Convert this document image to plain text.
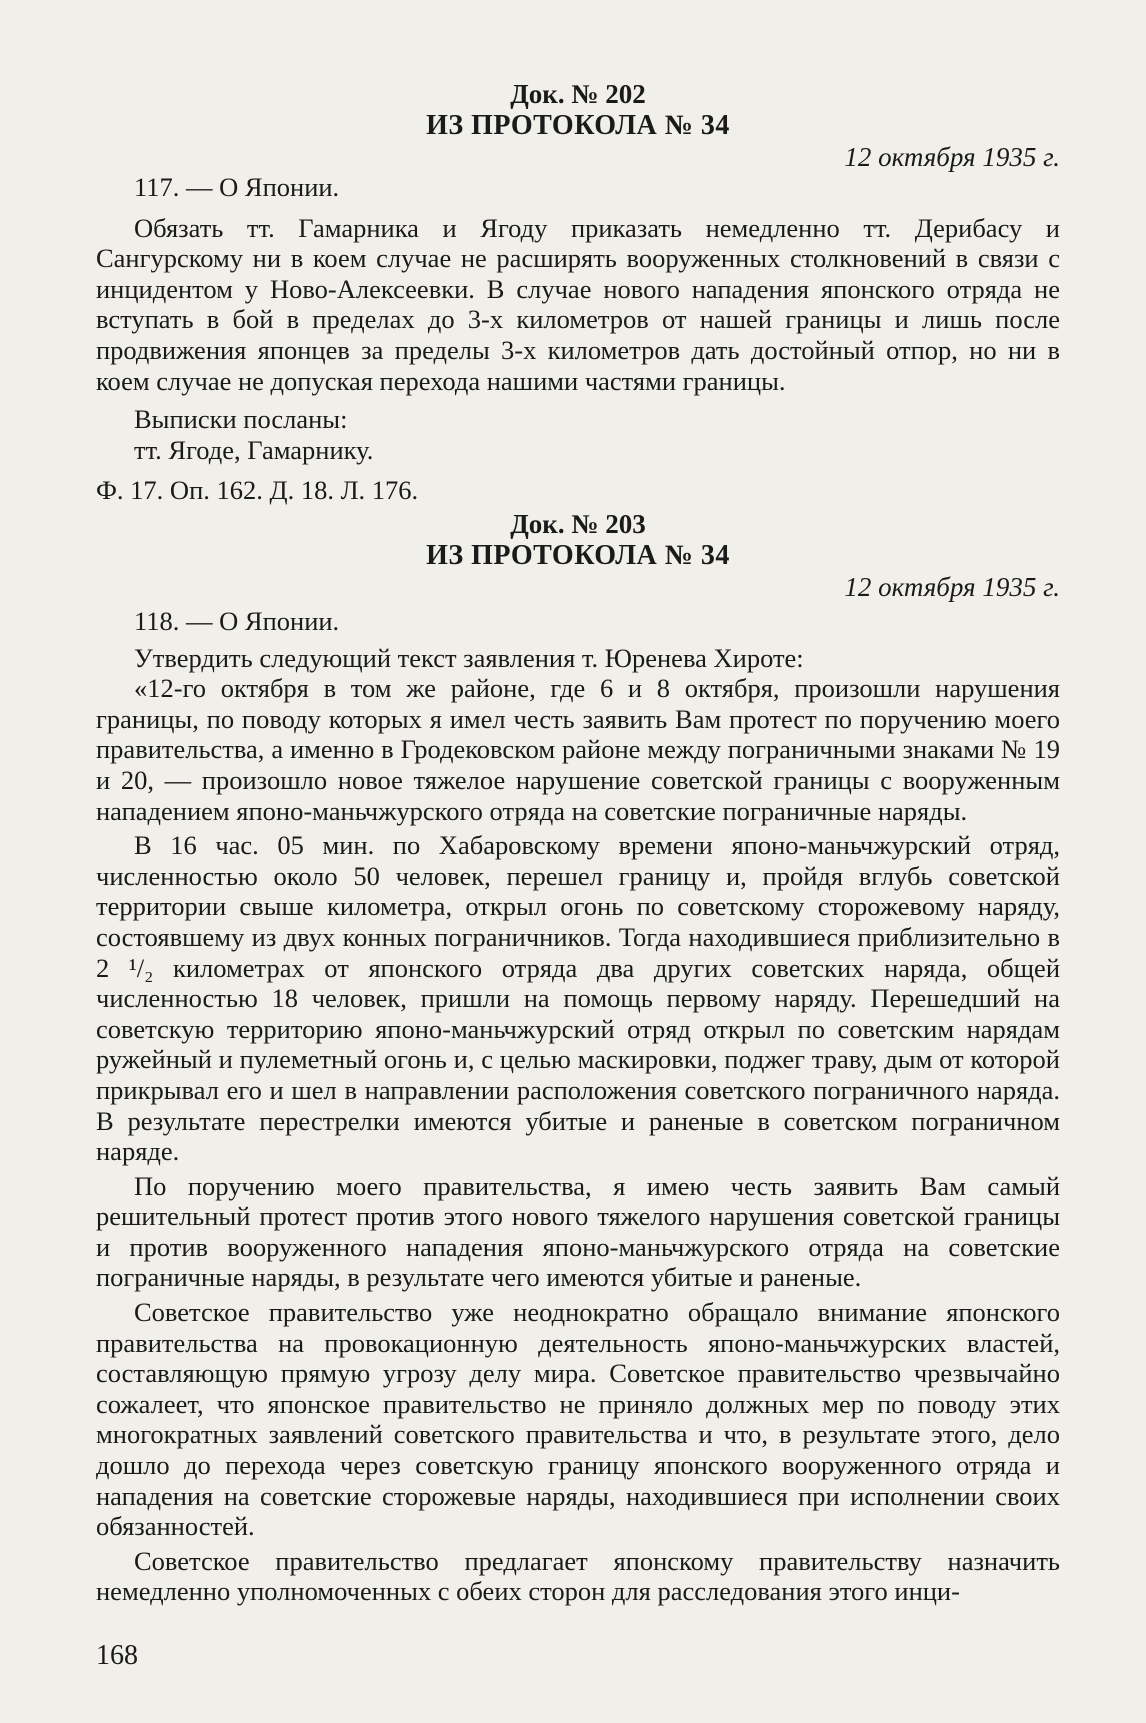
Док. № 202
ИЗ ПРОТОКОЛА № 34
12 октября 1935 г.

117. — О Японии.

Обязать тт. Гамарника и Ягоду приказать немедленно тт. Дерибасу и Сангурскому ни в коем случае не расширять вооруженных столкновений в связи с инцидентом у Ново-Алексеевки. В случае нового нападения японского отряда не вступать в бой в пределах до 3-х километров от нашей границы и лишь после продвижения японцев за пределы 3-х километров дать достойный отпор, но ни в коем случае не допуская перехода нашими частями границы.

Выписки посланы:

тт. Ягоде, Гамарнику.

Ф. 17. Оп. 162. Д. 18. Л. 176.

Док. № 203
ИЗ ПРОТОКОЛА № 34
12 октября 1935 г.

118. — О Японии.

Утвердить следующий текст заявления т. Юренева Хироте:

«12-го октября в том же районе, где 6 и 8 октября, произошли нарушения границы, по поводу которых я имел честь заявить Вам протест по поручению моего правительства, а именно в Гродековском районе между пограничными знаками № 19 и 20, — произошло новое тяжелое нарушение советской границы с вооруженным нападением японо-маньчжурского отряда на советские пограничные наряды.

В 16 час. 05 мин. по Хабаровскому времени японо-маньчжурский отряд, численностью около 50 человек, перешел границу и, пройдя вглубь советской территории свыше километра, открыл огонь по советскому сторожевому наряду, состоявшему из двух конных пограничников. Тогда находившиеся приблизительно в 2 ¹/₂ километрах от японского отряда два других советских наряда, общей численностью 18 человек, пришли на помощь первому наряду. Перешедший на советскую территорию японо-маньчжурский отряд открыл по советским нарядам ружейный и пулеметный огонь и, с целью маскировки, поджег траву, дым от которой прикрывал его и шел в направлении расположения советского пограничного наряда. В результате перестрелки имеются убитые и раненые в советском пограничном наряде.

По поручению моего правительства, я имею честь заявить Вам самый решительный протест против этого нового тяжелого нарушения советской границы и против вооруженного нападения японо-маньчжурского отряда на советские пограничные наряды, в результате чего имеются убитые и раненые.

Советское правительство уже неоднократно обращало внимание японского правительства на провокационную деятельность японо-маньчжурских властей, составляющую прямую угрозу делу мира. Советское правительство чрезвычайно сожалеет, что японское правительство не приняло должных мер по поводу этих многократных заявлений советского правительства и что, в результате этого, дело дошло до перехода через советскую границу японского вооруженного отряда и нападения на советские сторожевые наряды, находившиеся при исполнении своих обязанностей.

Советское правительство предлагает японскому правительству назначить немедленно уполномоченных с обеих сторон для расследования этого инци-

168
